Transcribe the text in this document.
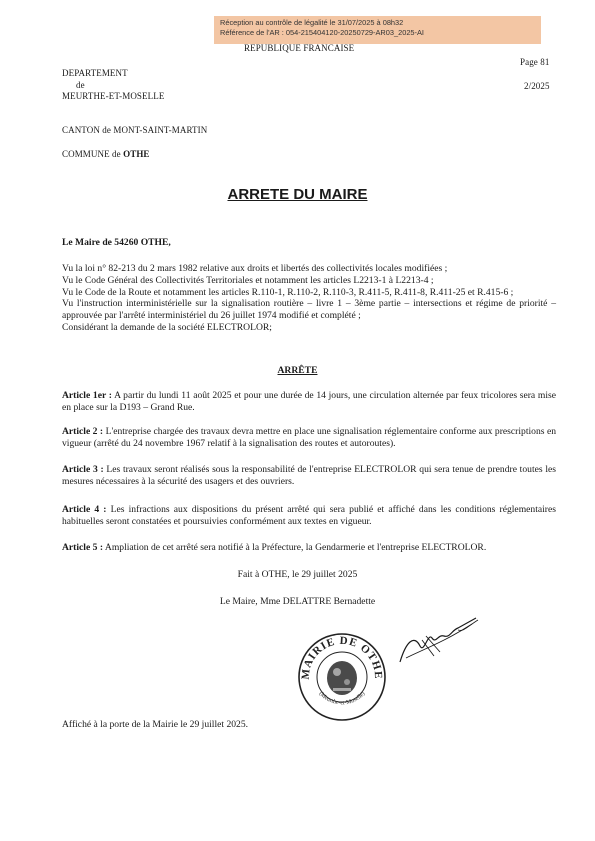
Réception au contrôle de légalité le 31/07/2025 à 08h32
Référence de l'AR : 054-215404120-20250729-AR03_2025-AI
REPUBLIQUE FRANCAISE
DEPARTEMENT
de
MEURTHE-ET-MOSELLE
Page 81
2/2025
CANTON de MONT-SAINT-MARTIN
COMMUNE de OTHE
ARRETE DU MAIRE
Le Maire de 54260 OTHE,

Vu la loi n° 82-213 du 2 mars 1982 relative aux droits et libertés des collectivités locales modifiées ;

Vu le Code Général des Collectivités Territoriales et notamment les articles L2213-1 à L2213-4 ;

Vu le Code de la Route et notamment les articles R.110-1, R.110-2, R.110-3, R.411-5, R.411-8, R.411-25 et R.415-6 ;

Vu l'instruction interministérielle sur la signalisation routière – livre 1 – 3ème partie – intersections et régime de priorité – approuvée par l'arrêté interministériel du 26 juillet 1974 modifié et complété ;

Considérant la demande de la société ELECTROLOR;

ARRÊTE
Article 1er : A partir du lundi 11 août 2025 et pour une durée de 14 jours, une circulation alternée par feux tricolores sera mise en place sur la D193 – Grand Rue.
Article 2 : L'entreprise chargée des travaux devra mettre en place une signalisation réglementaire conforme aux prescriptions en vigueur (arrêté du 24 novembre 1967 relatif à la signalisation des routes et autoroutes).
Article 3 : Les travaux seront réalisés sous la responsabilité de l'entreprise ELECTROLOR qui sera tenue de prendre toutes les mesures nécessaires à la sécurité des usagers et des ouvriers.
Article 4 : Les infractions aux dispositions du présent arrêté qui sera publié et affiché dans les conditions réglementaires habituelles seront constatées et poursuivies conformément aux textes en vigueur.
Article 5 : Ampliation de cet arrêté sera notifié à la Préfecture, la Gendarmerie et l'entreprise ELECTROLOR.
Fait à OTHE, le 29 juillet 2025
Le Maire, Mme DELATTRE Bernadette
MAIRIE DE OTHE
(Meurthe-et-Moselle)
Affiché à la porte de la Mairie le 29 juillet 2025.
